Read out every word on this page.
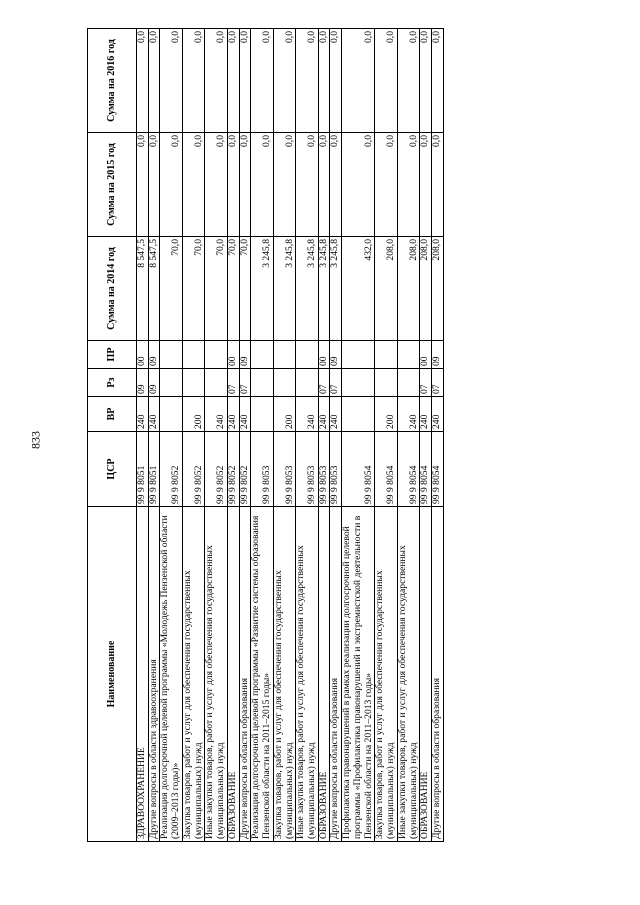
833
Наименование	ЦСР	ВР	Рз	ПР	Сумма на 2014 год	Сумма на 2015 год	Сумма на 2016 год
ЗДРАВООХРАНЕНИЕ	99 9 8051	240	09	00	8 547,5	0,0	0,0
Другие вопросы в области здравоохранения	99 9 8051	240	09	09	8 547,5	0,0	0,0
Реализация долгосрочной целевой программы «Молодежь Пензенской области (2009–2013 годы)»	99 9 8052				70,0	0,0	0,0
Закупка товаров, работ и услуг для обеспечения государственных (муниципальных) нужд	99 9 8052	200			70,0	0,0	0,0
Иные закупки товаров, работ и услуг для обеспечения государственных (муниципальных) нужд	99 9 8052	240			70,0	0,0	0,0
ОБРАЗОВАНИЕ	99 9 8052	240	07	00	70,0	0,0	0,0
Другие вопросы в области образования	99 9 8052	240	07	09	70,0	0,0	0,0
Реализация долгосрочной целевой программы «Развитие системы образования Пензенской области на 2011–2015 годы»	99 9 8053				3 245,8	0,0	0,0
Закупка товаров, работ и услуг для обеспечения государственных (муниципальных) нужд	99 9 8053	200			3 245,8	0,0	0,0
Иные закупки товаров, работ и услуг для обеспечения государственных (муниципальных) нужд	99 9 8053	240			3 245,8	0,0	0,0
ОБРАЗОВАНИЕ	99 9 8053	240	07	00	3 245,8	0,0	0,0
Другие вопросы в области образования	99 9 8053	240	07	09	3 245,8	0,0	0,0
Профилактика правонарушений в рамках реализации долгосрочной целевой программы «Профилактика правонарушений и экстремистской деятельности в Пензенской области на 2011–2013 годы»	99 9 8054				432,0	0,0	0,0
Закупка товаров, работ и услуг для обеспечения государственных (муниципальных) нужд	99 9 8054	200			208,0	0,0	0,0
Иные закупки товаров, работ и услуг для обеспечения государственных (муниципальных) нужд	99 9 8054	240			208,0	0,0	0,0
ОБРАЗОВАНИЕ	99 9 8054	240	07	00	208,0	0,0	0,0
Другие вопросы в области образования	99 9 8054	240	07	09	208,0	0,0	0,0
